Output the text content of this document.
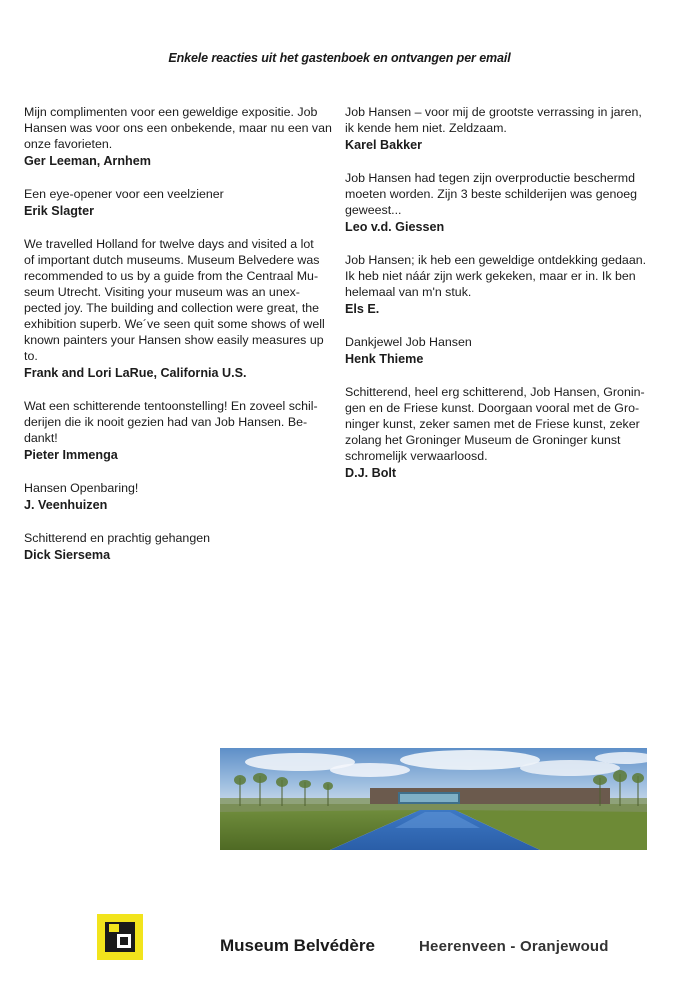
Enkele reacties uit het gastenboek en ontvangen per email

Mijn complimenten voor een geweldige expositie. Job
Hansen was voor ons een onbekende, maar nu een van
onze favorieten.

Ger Leeman, Arnhem

Een eye-opener voor een veelziener

Erik Slagter

We travelled Holland for twelve days and visited a lot
of important dutch museums. Museum Belvedere was
recommended to us by a guide from the Centraal Mu-
seum Utrecht. Visiting your museum was an unex-
pected joy. The building and collection were great, the
exhibition superb. We´ve seen quit some shows of well
known painters your Hansen show easily measures up
to.

Frank and Lori LaRue, California U.S.

Wat een schitterende tentoonstelling! En zoveel schil-
derijen die ik nooit gezien had van Job Hansen. Be-
dankt!

Pieter Immenga

Hansen Openbaring!

J. Veenhuizen

Schitterend en prachtig gehangen

Dick Siersema

Job Hansen – voor mij de grootste verrassing in jaren,
ik kende hem niet. Zeldzaam.

Karel Bakker

Job Hansen had tegen zijn overproductie beschermd
moeten worden. Zijn 3 beste schilderijen was genoeg
geweest...

Leo v.d. Giessen

Job Hansen; ik heb een geweldige ontdekking gedaan.
Ik heb niet náár zijn werk gekeken, maar er in. Ik ben
helemaal van m'n stuk.

Els E.

Dankjewel Job Hansen

Henk Thieme

Schitterend, heel erg schitterend, Job Hansen, Gronin-
gen en de Friese kunst. Doorgaan vooral met de Gro-
ninger kunst, zeker samen met de Friese kunst, zeker
zolang het Groninger Museum de Groninger kunst
schromelijk verwaarloosd.

D.J. Bolt
Museum Belvédère	Heerenveen - Oranjewoud
